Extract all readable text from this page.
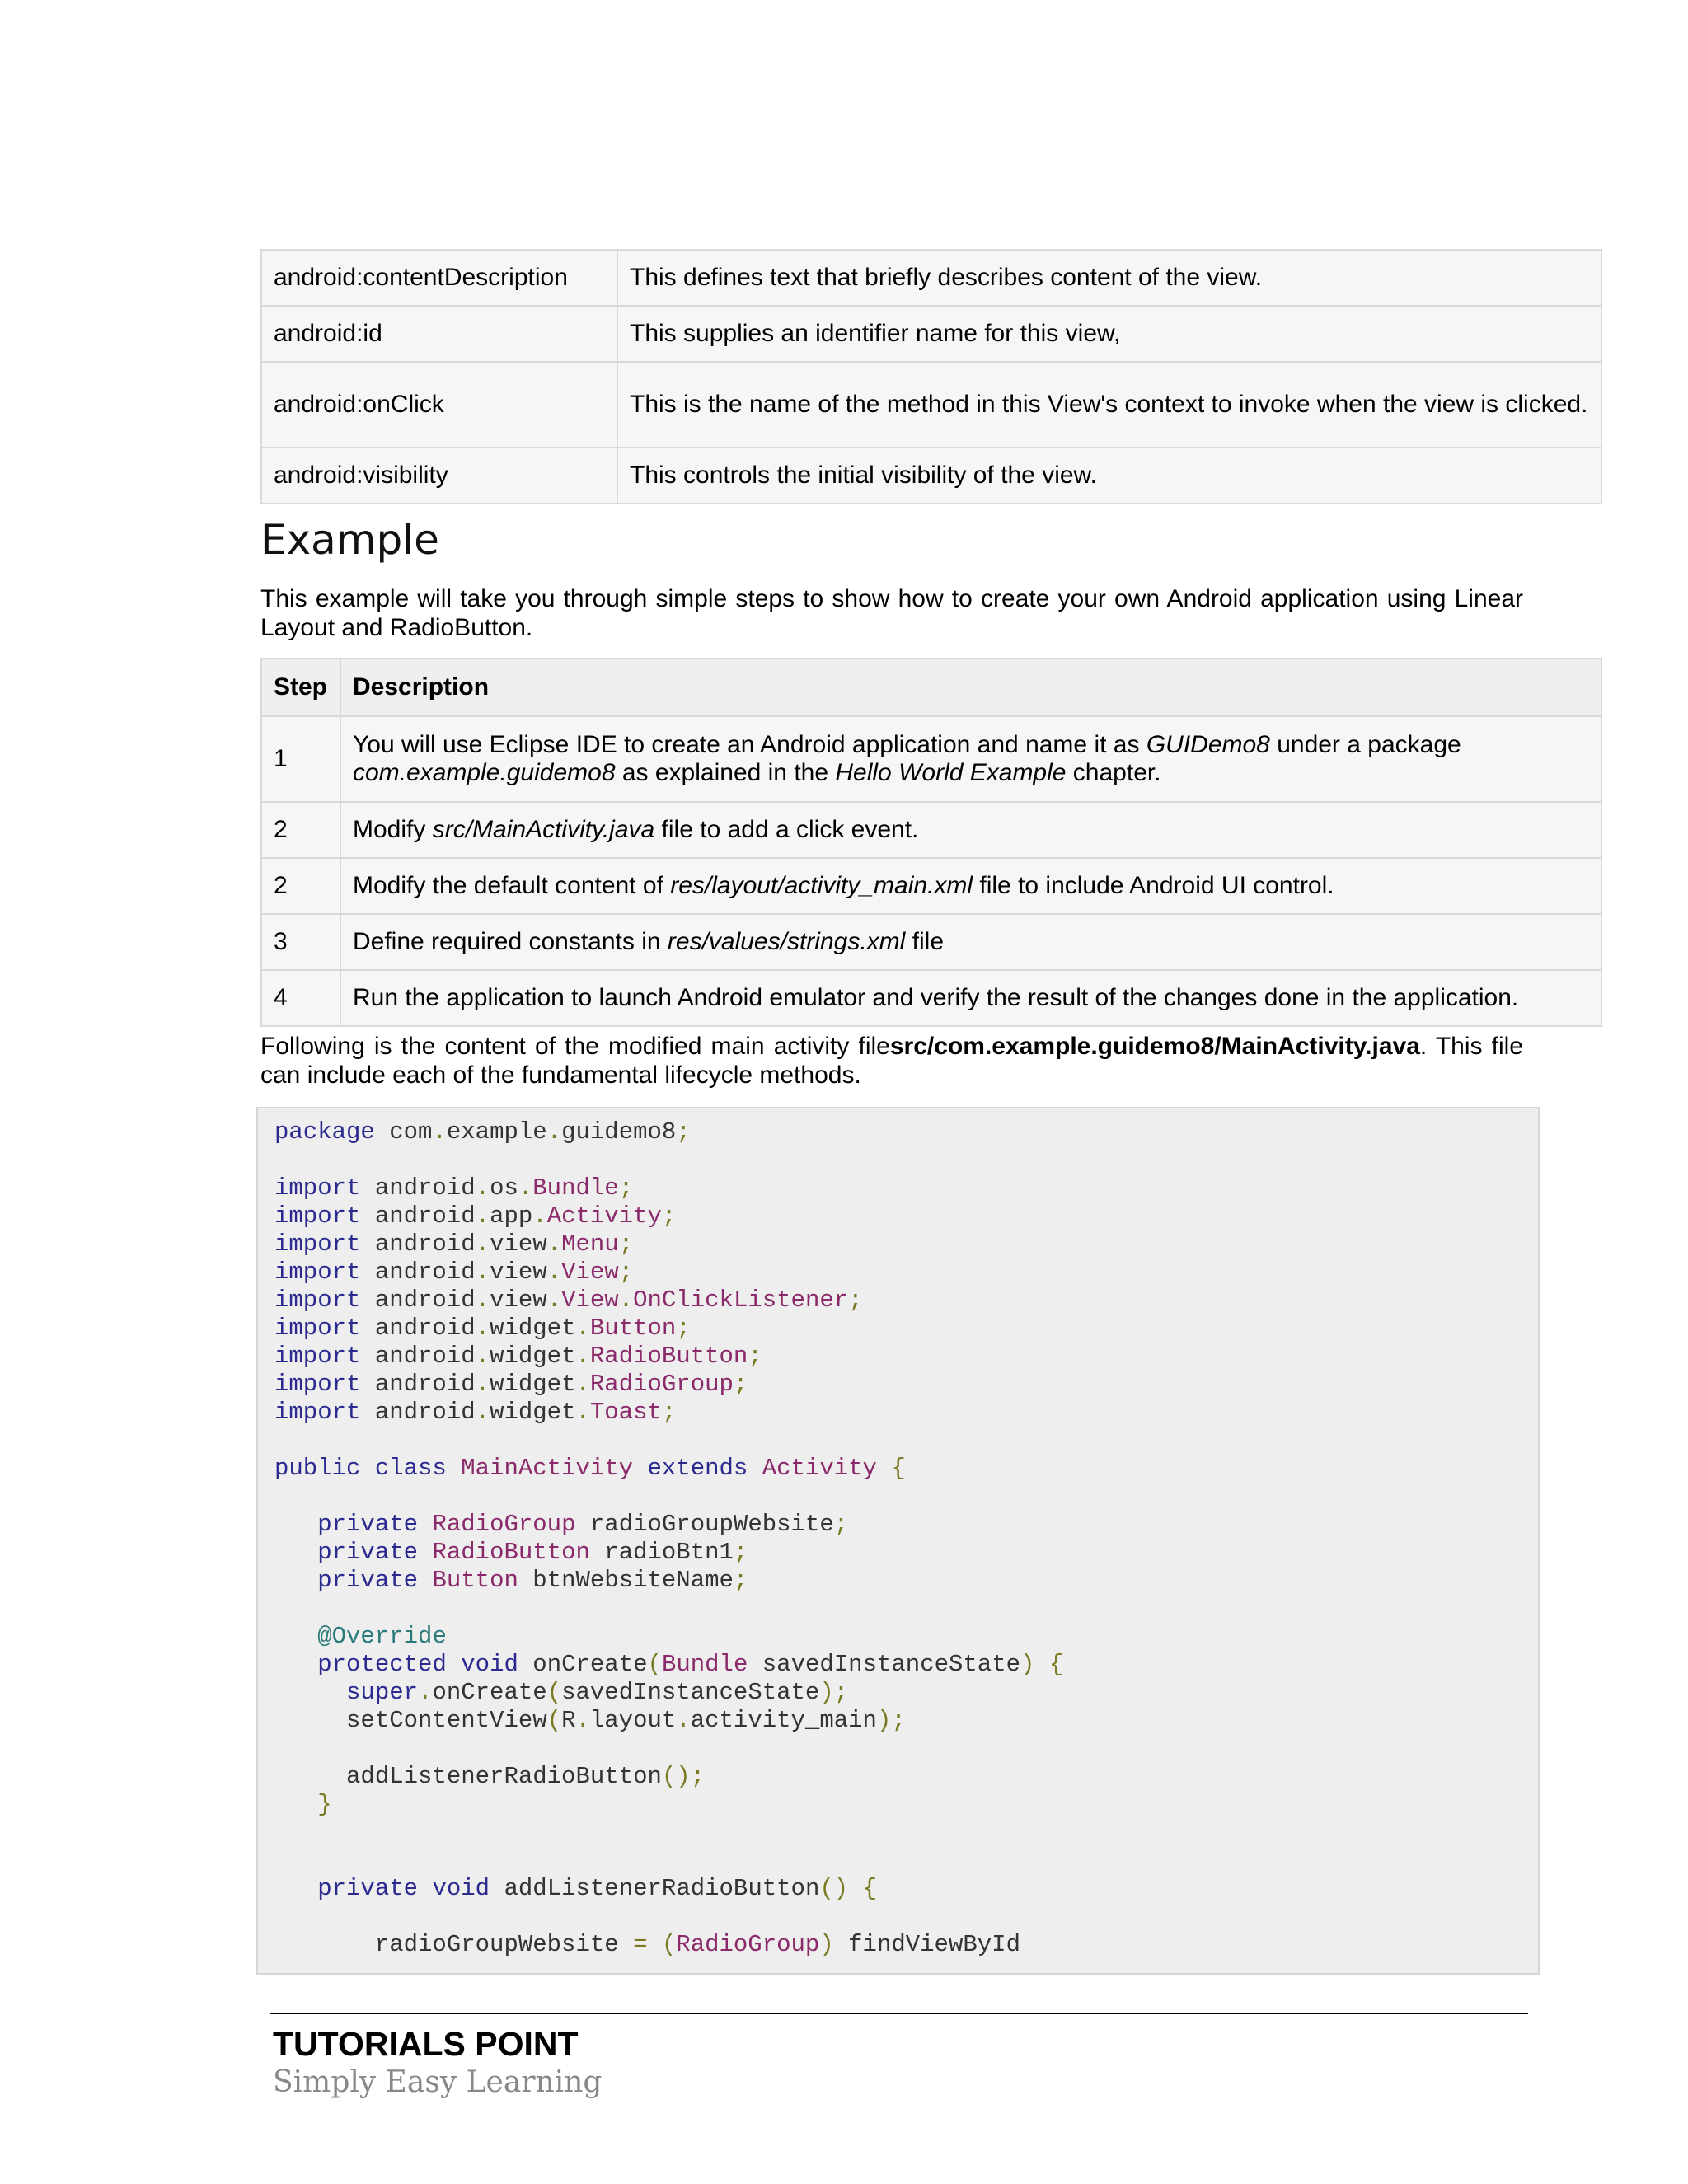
android:contentDescription	This defines text that briefly describes content of the view.
android:id	This supplies an identifier name for this view,
android:onClick	This is the name of the method in this View's context to invoke when the view is clicked.
android:visibility	This controls the initial visibility of the view.
Example

This example will take you through simple steps to show how to create your own Android application using Linear Layout and RadioButton.

Step	Description
1	You will use Eclipse IDE to create an Android application and name it as GUIDemo8 under a package com.example.guidemo8 as explained in the Hello World Example chapter.
2	Modify src/MainActivity.java file to add a click event.
2	Modify the default content of res/layout/activity_main.xml file to include Android UI control.
3	Define required constants in res/values/strings.xml file
4	Run the application to launch Android emulator and verify the result of the changes done in the application.

Following is the content of the modified main activity filesrc/com.example.guidemo8/MainActivity.java. This file can include each of the fundamental lifecycle methods.

package com.example.guidemo8;

import android.os.Bundle;
import android.app.Activity;
import android.view.Menu;
import android.view.View;
import android.view.View.OnClickListener;
import android.widget.Button;
import android.widget.RadioButton;
import android.widget.RadioGroup;
import android.widget.Toast;

public class MainActivity extends Activity {

private RadioGroup radioGroupWebsite;
private RadioButton radioBtn1;
private Button btnWebsiteName;

@Override
protected void onCreate(Bundle savedInstanceState) {
super.onCreate(savedInstanceState);
setContentView(R.layout.activity_main);

addListenerRadioButton();
}

private void addListenerRadioButton() {

radioGroupWebsite = (RadioGroup) findViewById

TUTORIALS POINT

Simply Easy Learning
